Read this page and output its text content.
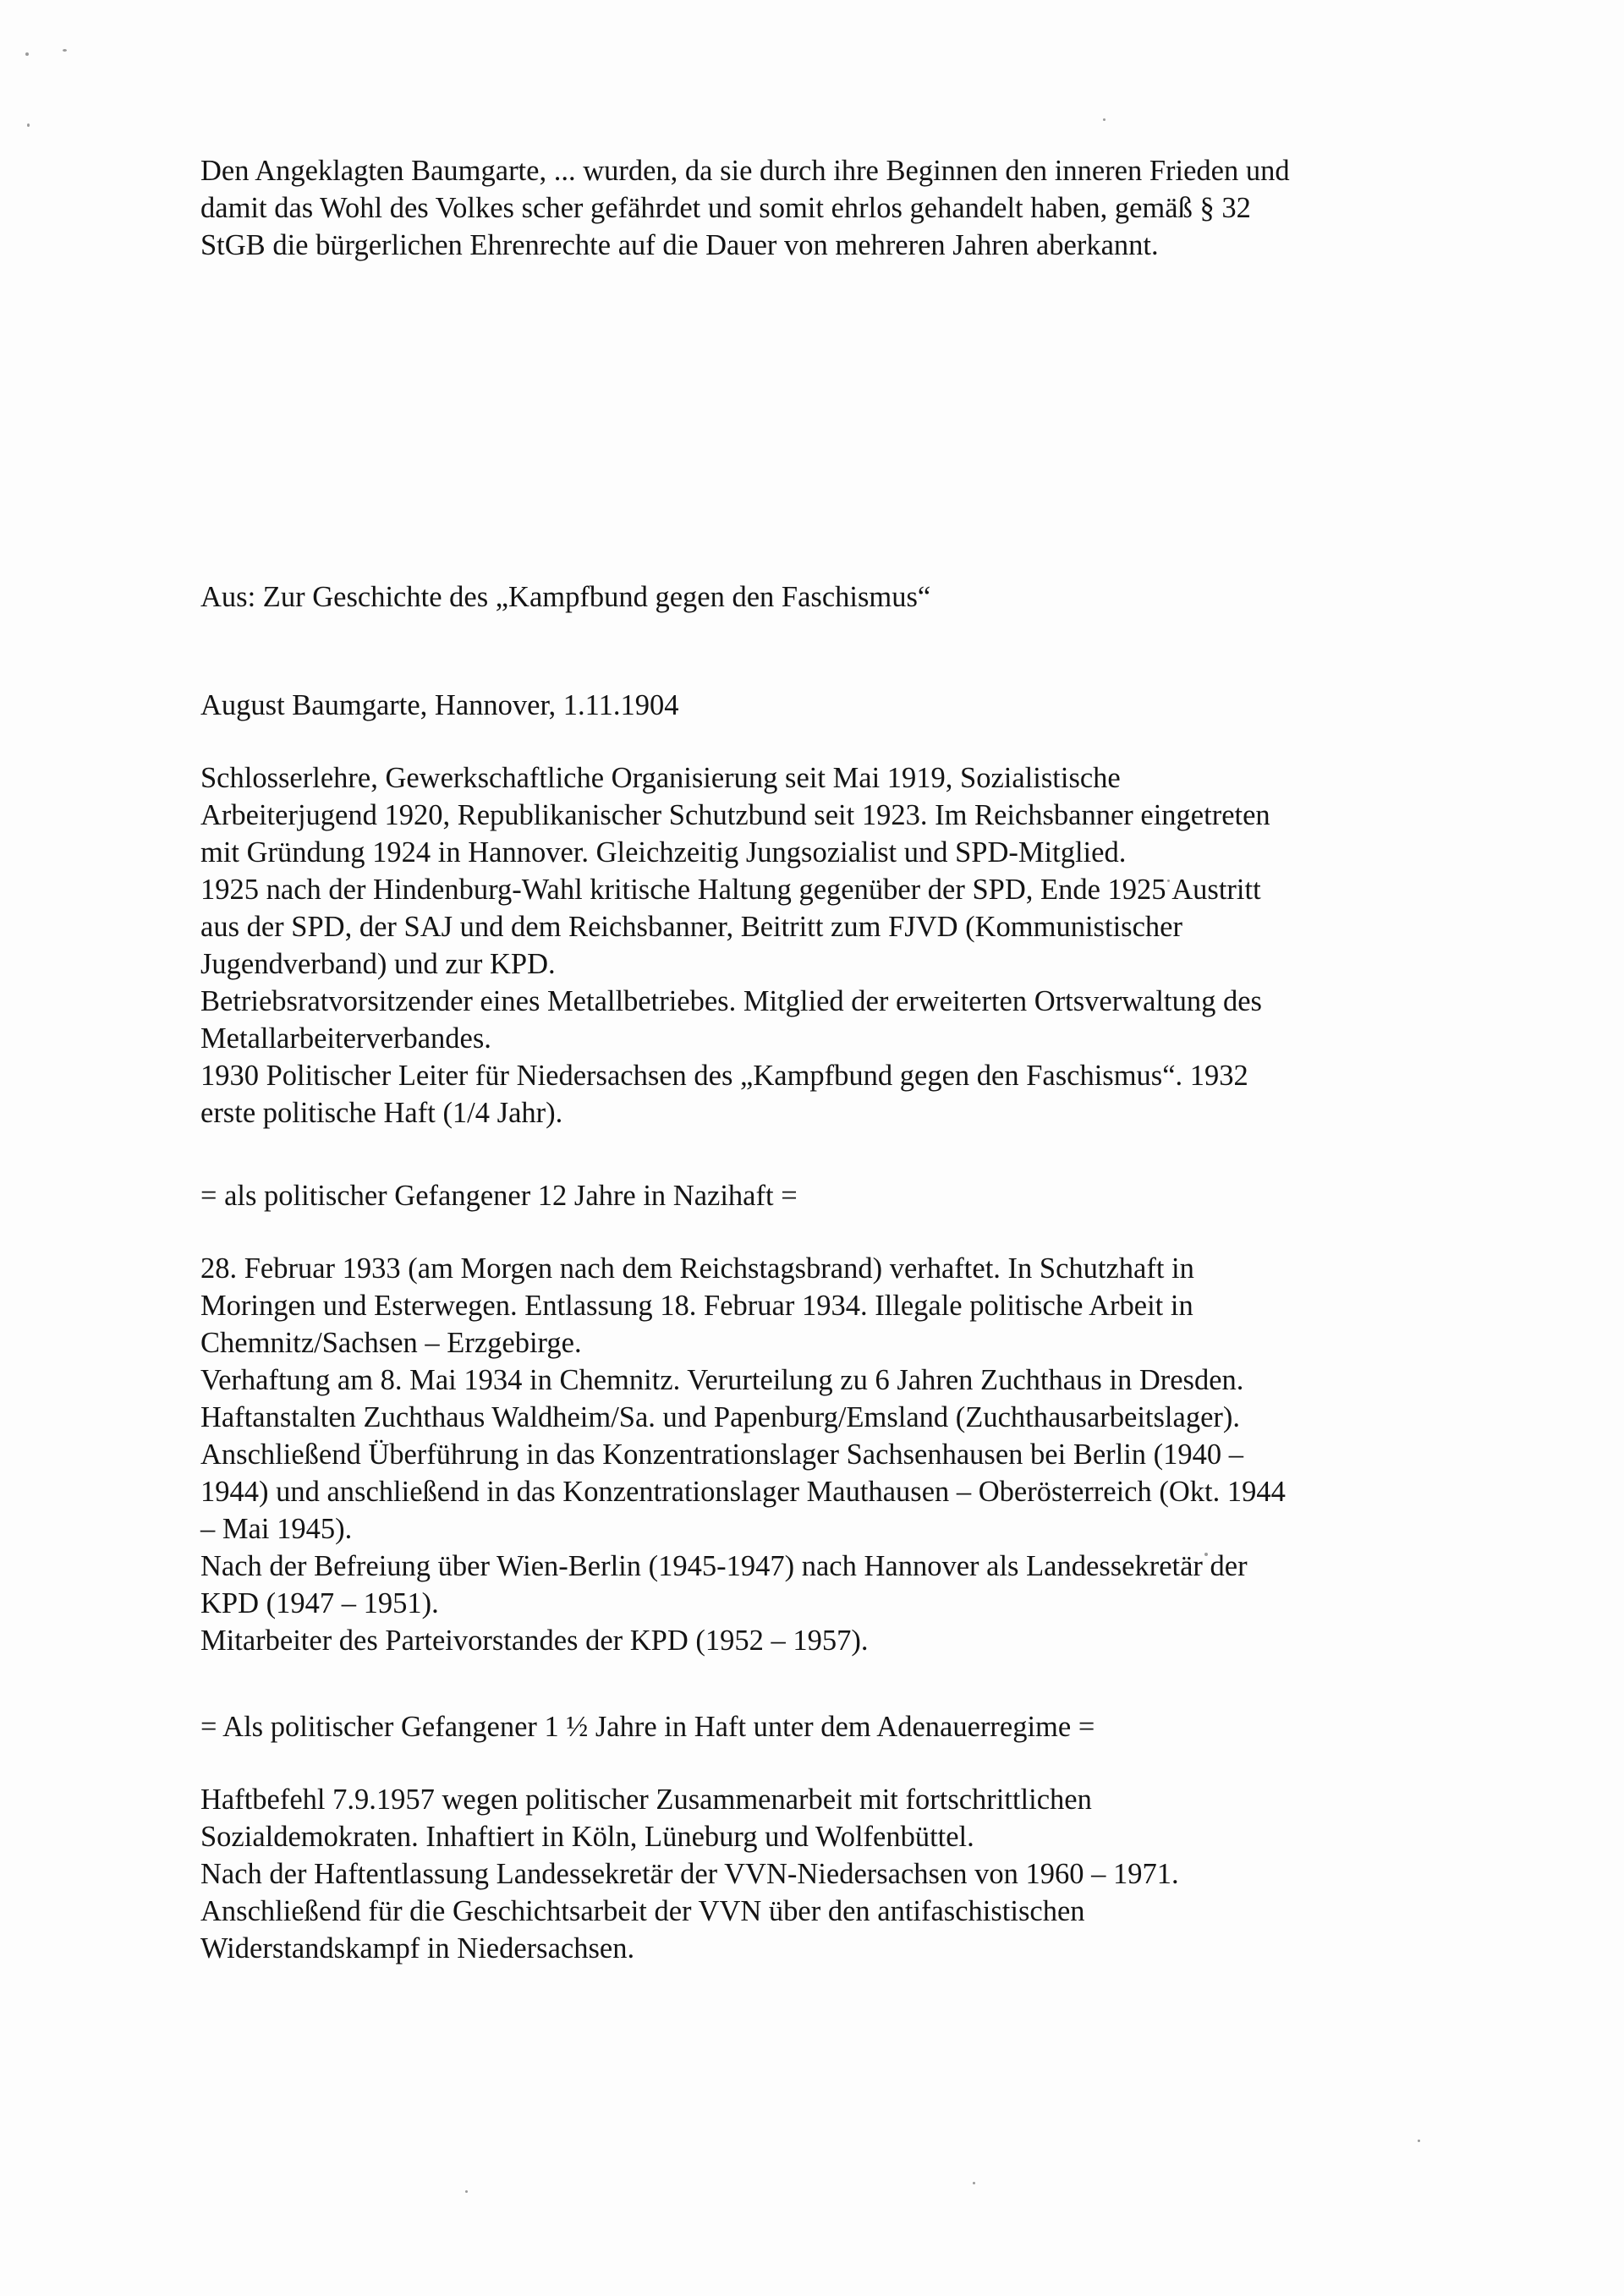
Den Angeklagten Baumgarte, ... wurden, da sie durch ihre Beginnen den inneren Frieden und
damit das Wohl des Volkes scher gefährdet und somit ehrlos gehandelt haben, gemäß § 32
StGB die bürgerlichen Ehrenrechte auf die Dauer von mehreren Jahren aberkannt.
Aus: Zur Geschichte des „Kampfbund gegen den Faschismus“
August Baumgarte, Hannover, 1.11.1904
Schlosserlehre, Gewerkschaftliche Organisierung seit Mai 1919, Sozialistische
Arbeiterjugend 1920, Republikanischer Schutzbund seit 1923. Im Reichsbanner eingetreten
mit Gründung 1924 in Hannover. Gleichzeitig Jungsozialist und SPD-Mitglied.
1925 nach der Hindenburg-Wahl kritische Haltung gegenüber der SPD, Ende 1925 Austritt
aus der SPD, der SAJ und dem Reichsbanner, Beitritt zum FJVD (Kommunistischer
Jugendverband) und zur KPD.
Betriebsratvorsitzender eines Metallbetriebes. Mitglied der erweiterten Ortsverwaltung des
Metallarbeiterverbandes.
1930 Politischer Leiter für Niedersachsen des „Kampfbund gegen den Faschismus“. 1932
erste politische Haft (1/4 Jahr).
= als politischer Gefangener 12 Jahre in Nazihaft =
28. Februar 1933 (am Morgen nach dem Reichstagsbrand) verhaftet. In Schutzhaft in
Moringen und Esterwegen. Entlassung 18. Februar 1934. Illegale politische Arbeit in
Chemnitz/Sachsen – Erzgebirge.
Verhaftung am 8. Mai 1934 in Chemnitz. Verurteilung zu 6 Jahren Zuchthaus in Dresden.
Haftanstalten Zuchthaus Waldheim/Sa. und Papenburg/Emsland (Zuchthausarbeitslager).
Anschließend Überführung in das Konzentrationslager Sachsenhausen bei Berlin (1940 –
1944) und anschließend in das Konzentrationslager Mauthausen – Oberösterreich (Okt. 1944
– Mai 1945).
Nach der Befreiung über Wien-Berlin (1945-1947) nach Hannover als Landessekretär der
KPD (1947 – 1951).
Mitarbeiter des Parteivorstandes der KPD (1952 – 1957).
= Als politischer Gefangener 1 ½ Jahre in Haft unter dem Adenauerregime =
Haftbefehl 7.9.1957 wegen politischer Zusammenarbeit mit fortschrittlichen
Sozialdemokraten. Inhaftiert in Köln, Lüneburg und Wolfenbüttel.
Nach der Haftentlassung Landessekretär der VVN-Niedersachsen von 1960 – 1971.
Anschließend für die Geschichtsarbeit der VVN über den antifaschistischen
Widerstandskampf in Niedersachsen.
